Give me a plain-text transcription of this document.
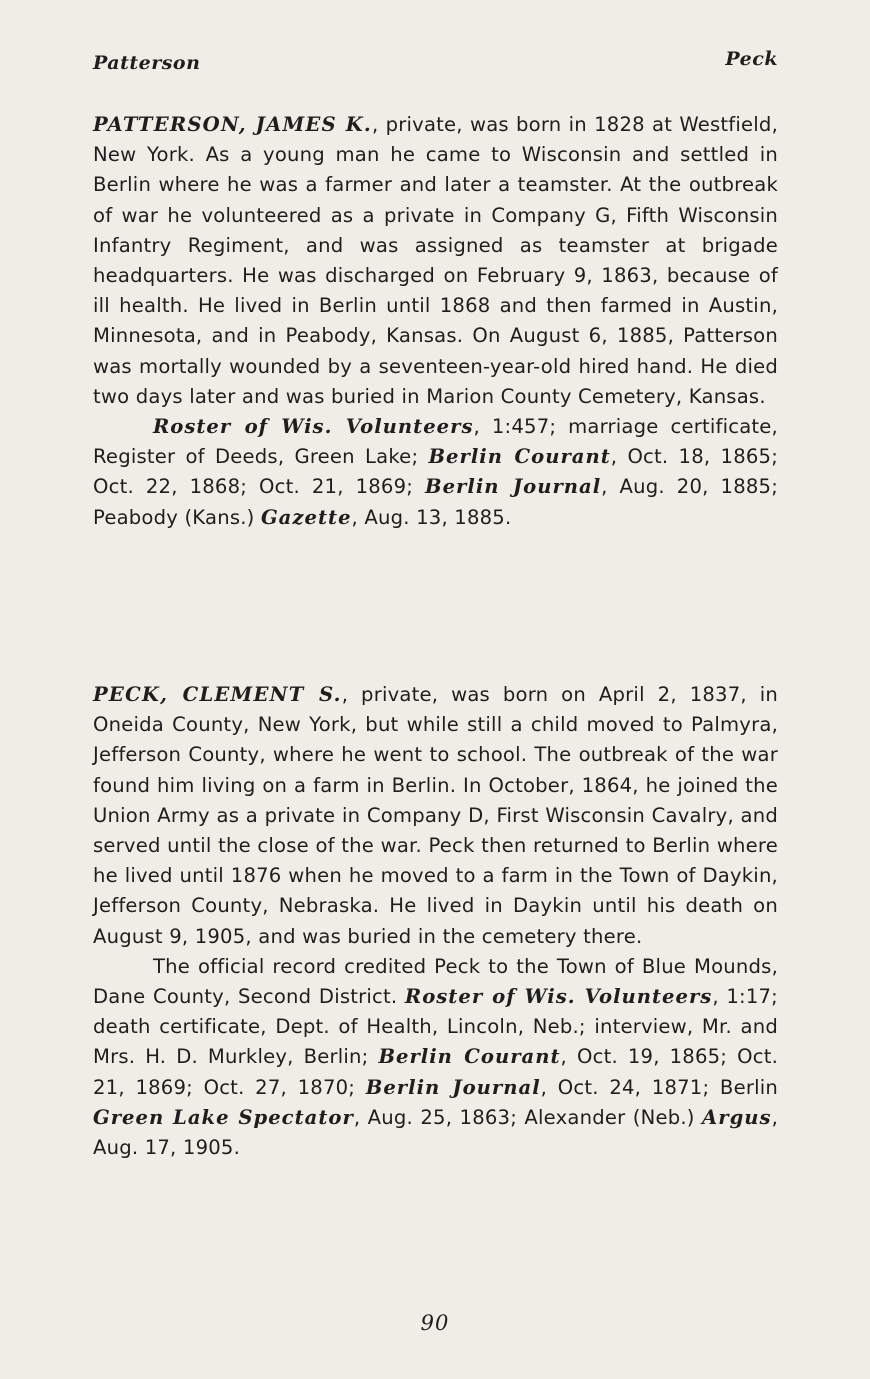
Patterson	Peck

PATTERSON, JAMES K., private, was born in 1828 at Westfield, New York. As a young man he came to Wisconsin and settled in Berlin where he was a farmer and later a teamster. At the outbreak of war he volunteered as a private in Company G, Fifth Wisconsin Infantry Regiment, and was assigned as teamster at brigade headquarters. He was discharged on February 9, 1863, because of ill health. He lived in Berlin until 1868 and then farmed in Austin, Minnesota, and in Peabody, Kansas. On August 6, 1885, Patterson was mortally wounded by a seventeen-year-old hired hand. He died two days later and was buried in Marion County Cemetery, Kansas.

Roster of Wis. Volunteers, 1:457; marriage certificate, Register of Deeds, Green Lake; Berlin Courant, Oct. 18, 1865; Oct. 22, 1868; Oct. 21, 1869; Berlin Journal, Aug. 20, 1885; Peabody (Kans.) Gazette, Aug. 13, 1885.

PECK, CLEMENT S., private, was born on April 2, 1837, in Oneida County, New York, but while still a child moved to Palmyra, Jefferson County, where he went to school. The outbreak of the war found him living on a farm in Berlin. In October, 1864, he joined the Union Army as a private in Company D, First Wisconsin Cavalry, and served until the close of the war. Peck then returned to Berlin where he lived until 1876 when he moved to a farm in the Town of Daykin, Jefferson County, Nebraska. He lived in Daykin until his death on August 9, 1905, and was buried in the cemetery there.

The official record credited Peck to the Town of Blue Mounds, Dane County, Second District. Roster of Wis. Volunteers, 1:17; death certificate, Dept. of Health, Lincoln, Neb.; interview, Mr. and Mrs. H. D. Murkley, Berlin; Berlin Courant, Oct. 19, 1865; Oct. 21, 1869; Oct. 27, 1870; Berlin Journal, Oct. 24, 1871; Berlin Green Lake Spectator, Aug. 25, 1863; Alexander (Neb.) Argus, Aug. 17, 1905.

90
